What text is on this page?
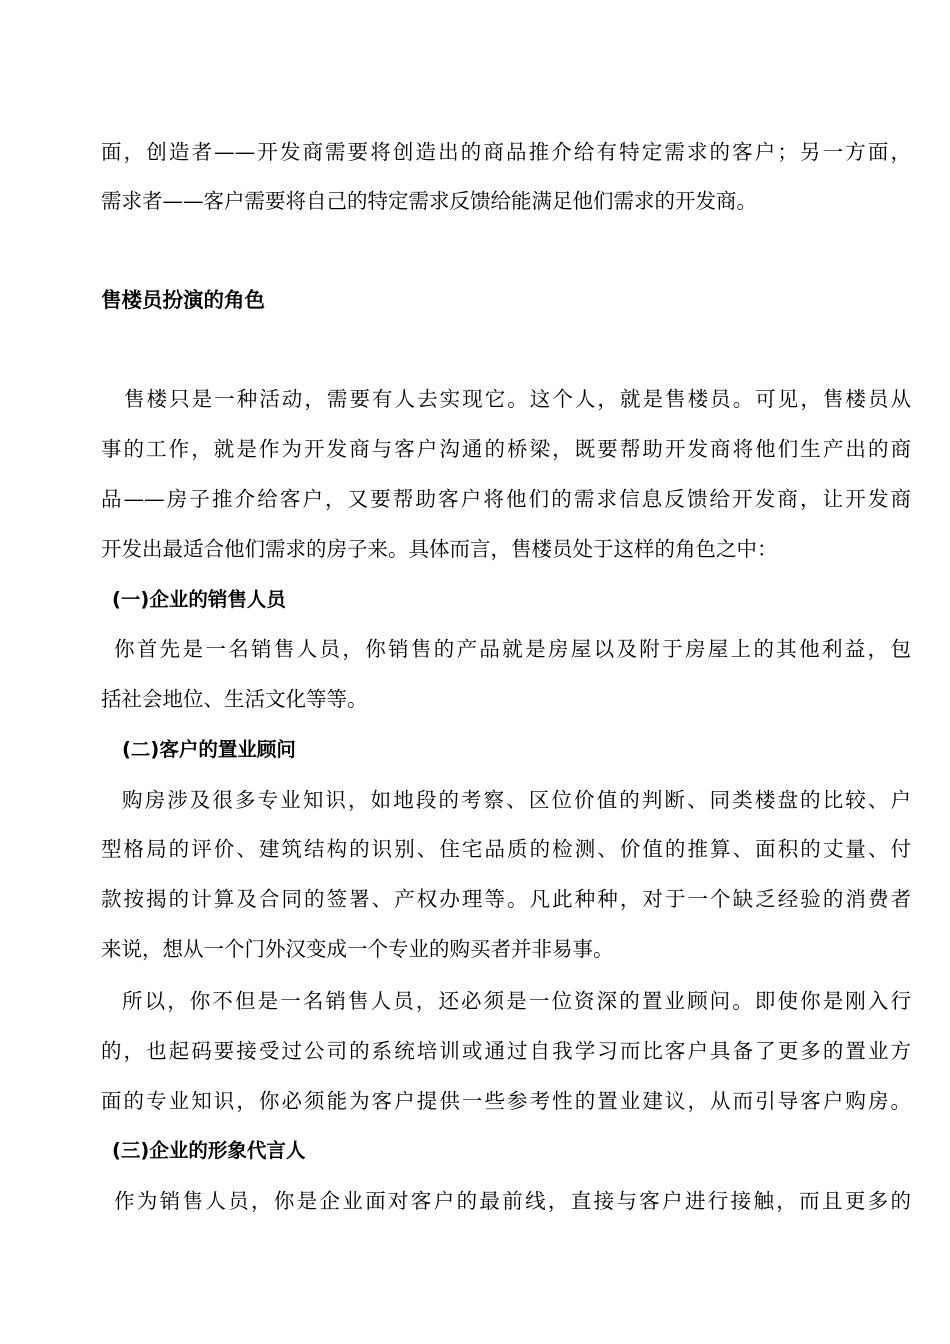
面，创造者——开发商需要将创造出的商品推介给有特定需求的客户；另一方面，
需求者——客户需要将自己的特定需求反馈给能满足他们需求的开发商。
售楼员扮演的角色
售楼只是一种活动，需要有人去实现它。这个人，就是售楼员。可见，售楼员从
事的工作，就是作为开发商与客户沟通的桥梁，既要帮助开发商将他们生产出的商
品——房子推介给客户，又要帮助客户将他们的需求信息反馈给开发商，让开发商
开发出最适合他们需求的房子来。具体而言，售楼员处于这样的角色之中：
(一)企业的销售人员
你首先是一名销售人员，你销售的产品就是房屋以及附于房屋上的其他利益，包
括社会地位、生活文化等等。
(二)客户的置业顾问
购房涉及很多专业知识，如地段的考察、区位价值的判断、同类楼盘的比较、户
型格局的评价、建筑结构的识别、住宅品质的检测、价值的推算、面积的丈量、付
款按揭的计算及合同的签署、产权办理等。凡此种种，对于一个缺乏经验的消费者
来说，想从一个门外汉变成一个专业的购买者并非易事。
所以，你不但是一名销售人员，还必须是一位资深的置业顾问。即使你是刚入行
的，也起码要接受过公司的系统培训或通过自我学习而比客户具备了更多的置业方
面的专业知识，你必须能为客户提供一些参考性的置业建议，从而引导客户购房。
(三)企业的形象代言人
作为销售人员，你是企业面对客户的最前线，直接与客户进行接触，而且更多的
